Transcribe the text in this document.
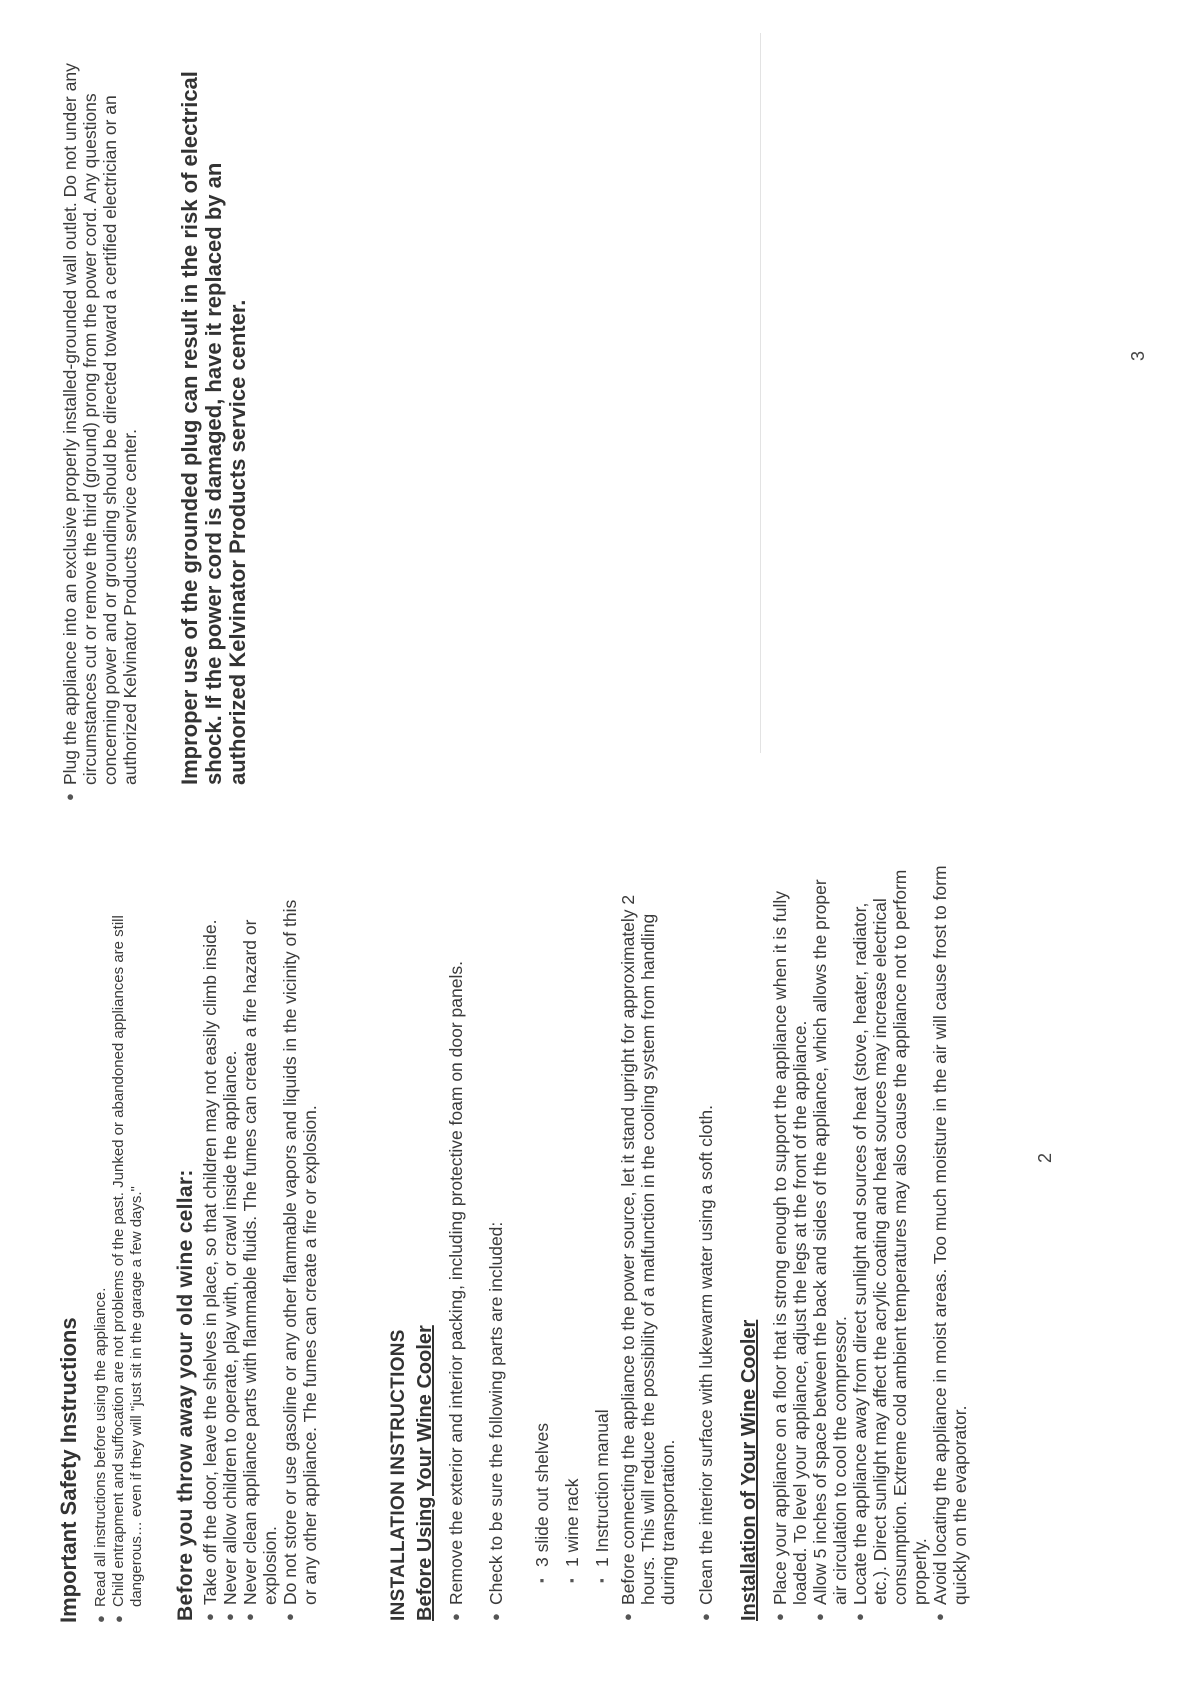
Important Safety Instructions ●
Read all instructions before using the appliance.
●
Child entrapment and suffocation are not problems of the past. Junked or abandoned appliances are still dangerous… even if they will "just sit in the garage a few days." Before you throw away your old wine cellar: ●
Take off the door, leave the shelves in place, so that children may not easily climb inside.
●
Never allow children to operate, play with, or crawl inside the appliance.
●
Never clean appliance parts with flammable fluids. The fumes can create a fire hazard or explosion.
●
Do not store or use gasoline or any other flammable vapors and liquids in the vicinity of this or any other appliance. The fumes can create a fire or explosion.	INSTALLATION INSTRUCTIONS Before Using Your Wine Cooler ●
Remove the exterior and interior packing, including protective foam on door panels.
●
Check to be sure the following parts are included: ▪
3 slide out shelves
▪
1 wine rack
▪
1 Instruction manual
●
Before connecting the appliance to the power source, let it stand upright for approximately 2 hours. This will reduce the possibility of a malfunction in the cooling system from handling during transportation.
●
Clean the interior surface with lukewarm water using a soft cloth. Installation of Your Wine Cooler ●
Place your appliance on a floor that is strong enough to support the appliance when it is fully loaded. To level your appliance, adjust the legs at the front of the appliance.
●
Allow 5 inches of space between the back and sides of the appliance, which allows the proper air circulation to cool the compressor.
●
Locate the appliance away from direct sunlight and sources of heat (stove, heater, radiator, etc.). Direct sunlight may affect the acrylic coating and heat sources may increase electrical consumption. Extreme cold ambient temperatures may also cause the appliance not to perform properly.
●
Avoid locating the appliance in moist areas. Too much moisture in the air will cause frost to form quickly on the evaporator.
2
●
Plug the appliance into an exclusive properly installed-grounded wall outlet. Do not under any circumstances cut or remove the third (ground) prong from the power cord. Any questions concerning power and or grounding should be directed toward a certified electrician or an authorized Kelvinator Products service center. Improper use of the grounded plug can result in the risk of electrical shock. If the power cord is damaged, have it replaced by an authorized Kelvinator Products service center.	3
